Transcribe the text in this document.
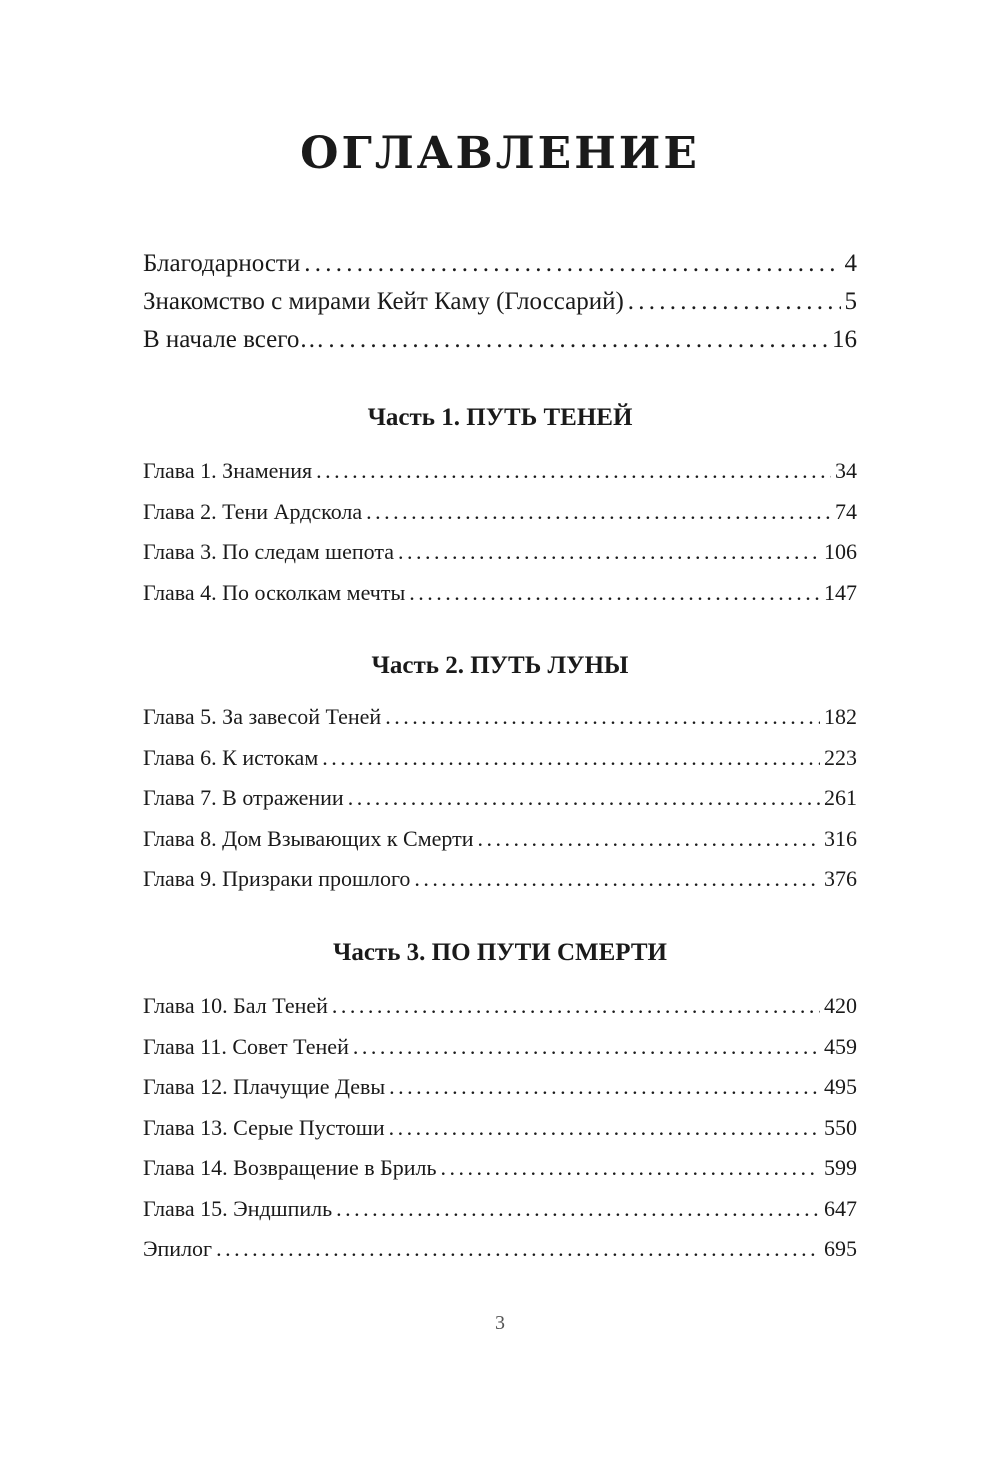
ОГЛАВЛЕНИЕ
Благодарности . . .	4
Знакомство с мирами Кейт Каму (Глоссарий) . . .	5
В начале всего… . . .	16
Часть 1. ПУТЬ ТЕНЕЙ
Глава 1. Знамения . . .	34
Глава 2. Тени Ардскола . . .	74
Глава 3. По следам шепота . . .	106
Глава 4. По осколкам мечты . . .	147
Часть 2. ПУТЬ ЛУНЫ
Глава 5. За завесой Теней . . .	182
Глава 6. К истокам . . .	223
Глава 7. В отражении . . .	261
Глава 8. Дом Взывающих к Смерти . . .	316
Глава 9. Призраки прошлого . . .	376
Часть 3. ПО ПУТИ СМЕРТИ
Глава 10. Бал Теней . . .	420
Глава 11. Совет Теней . . .	459
Глава 12. Плачущие Девы . . .	495
Глава 13. Серые Пустоши . . .	550
Глава 14. Возвращение в Бриль . . .	599
Глава 15. Эндшпиль . . .	647
Эпилог . . .	695
3
